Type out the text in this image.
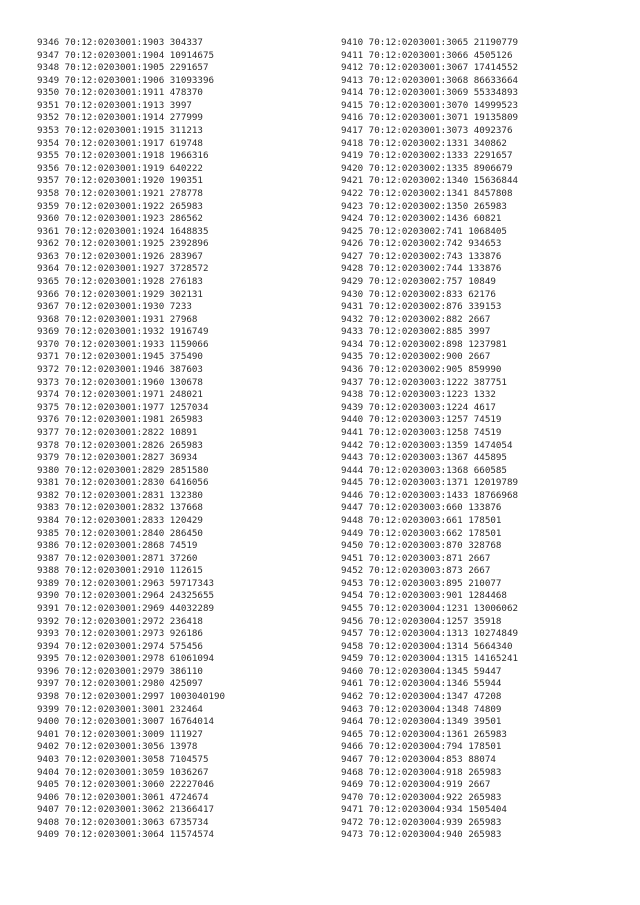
9346 70:12:0203001:1903 304337
9347 70:12:0203001:1904 10914675
9348 70:12:0203001:1905 2291657
9349 70:12:0203001:1906 31093396
9350 70:12:0203001:1911 478370
9351 70:12:0203001:1913 3997
9352 70:12:0203001:1914 277999
9353 70:12:0203001:1915 311213
9354 70:12:0203001:1917 619748
9355 70:12:0203001:1918 1966316
9356 70:12:0203001:1919 640222
9357 70:12:0203001:1920 190351
9358 70:12:0203001:1921 278778
9359 70:12:0203001:1922 265983
9360 70:12:0203001:1923 286562
9361 70:12:0203001:1924 1648835
9362 70:12:0203001:1925 2392896
9363 70:12:0203001:1926 283967
9364 70:12:0203001:1927 3728572
9365 70:12:0203001:1928 276183
9366 70:12:0203001:1929 302131
9367 70:12:0203001:1930 7233
9368 70:12:0203001:1931 27968
9369 70:12:0203001:1932 1916749
9370 70:12:0203001:1933 1159066
9371 70:12:0203001:1945 375490
9372 70:12:0203001:1946 387603
9373 70:12:0203001:1960 130678
9374 70:12:0203001:1971 248021
9375 70:12:0203001:1977 1257034
9376 70:12:0203001:1981 265983
9377 70:12:0203001:2822 10891
9378 70:12:0203001:2826 265983
9379 70:12:0203001:2827 36934
9380 70:12:0203001:2829 2851580
9381 70:12:0203001:2830 6416056
9382 70:12:0203001:2831 132380
9383 70:12:0203001:2832 137668
9384 70:12:0203001:2833 120429
9385 70:12:0203001:2840 286450
9386 70:12:0203001:2868 74519
9387 70:12:0203001:2871 37260
9388 70:12:0203001:2910 112615
9389 70:12:0203001:2963 59717343
9390 70:12:0203001:2964 24325655
9391 70:12:0203001:2969 44032289
9392 70:12:0203001:2972 236418
9393 70:12:0203001:2973 926186
9394 70:12:0203001:2974 575456
9395 70:12:0203001:2978 61061094
9396 70:12:0203001:2979 386110
9397 70:12:0203001:2980 425097
9398 70:12:0203001:2997 1003040190
9399 70:12:0203001:3001 232464
9400 70:12:0203001:3007 16764014
9401 70:12:0203001:3009 111927
9402 70:12:0203001:3056 13978
9403 70:12:0203001:3058 7104575
9404 70:12:0203001:3059 1036267
9405 70:12:0203001:3060 22227046
9406 70:12:0203001:3061 4724674
9407 70:12:0203001:3062 21366417
9408 70:12:0203001:3063 6735734
9409 70:12:0203001:3064 11574574
9410 70:12:0203001:3065 21190779
9411 70:12:0203001:3066 4505126
9412 70:12:0203001:3067 17414552
9413 70:12:0203001:3068 86633664
9414 70:12:0203001:3069 55334893
9415 70:12:0203001:3070 14999523
9416 70:12:0203001:3071 19135809
9417 70:12:0203001:3073 4092376
9418 70:12:0203002:1331 340862
9419 70:12:0203002:1333 2291657
9420 70:12:0203002:1335 8906679
9421 70:12:0203002:1340 15636844
9422 70:12:0203002:1341 8457808
9423 70:12:0203002:1350 265983
9424 70:12:0203002:1436 60821
9425 70:12:0203002:741 1068405
9426 70:12:0203002:742 934653
9427 70:12:0203002:743 133876
9428 70:12:0203002:744 133876
9429 70:12:0203002:757 10849
9430 70:12:0203002:833 62176
9431 70:12:0203002:876 339153
9432 70:12:0203002:882 2667
9433 70:12:0203002:885 3997
9434 70:12:0203002:898 1237981
9435 70:12:0203002:900 2667
9436 70:12:0203002:905 859990
9437 70:12:0203003:1222 387751
9438 70:12:0203003:1223 1332
9439 70:12:0203003:1224 4617
9440 70:12:0203003:1257 74519
9441 70:12:0203003:1258 74519
9442 70:12:0203003:1359 1474054
9443 70:12:0203003:1367 445895
9444 70:12:0203003:1368 660585
9445 70:12:0203003:1371 12019789
9446 70:12:0203003:1433 18766968
9447 70:12:0203003:660 133876
9448 70:12:0203003:661 178501
9449 70:12:0203003:662 178501
9450 70:12:0203003:870 328768
9451 70:12:0203003:871 2667
9452 70:12:0203003:873 2667
9453 70:12:0203003:895 210077
9454 70:12:0203003:901 1284468
9455 70:12:0203004:1231 13006062
9456 70:12:0203004:1257 35918
9457 70:12:0203004:1313 10274849
9458 70:12:0203004:1314 5664340
9459 70:12:0203004:1315 14165241
9460 70:12:0203004:1345 59447
9461 70:12:0203004:1346 55944
9462 70:12:0203004:1347 47208
9463 70:12:0203004:1348 74809
9464 70:12:0203004:1349 39501
9465 70:12:0203004:1361 265983
9466 70:12:0203004:794 178501
9467 70:12:0203004:853 88074
9468 70:12:0203004:918 265983
9469 70:12:0203004:919 2667
9470 70:12:0203004:922 265983
9471 70:12:0203004:934 1505404
9472 70:12:0203004:939 265983
9473 70:12:0203004:940 265983
